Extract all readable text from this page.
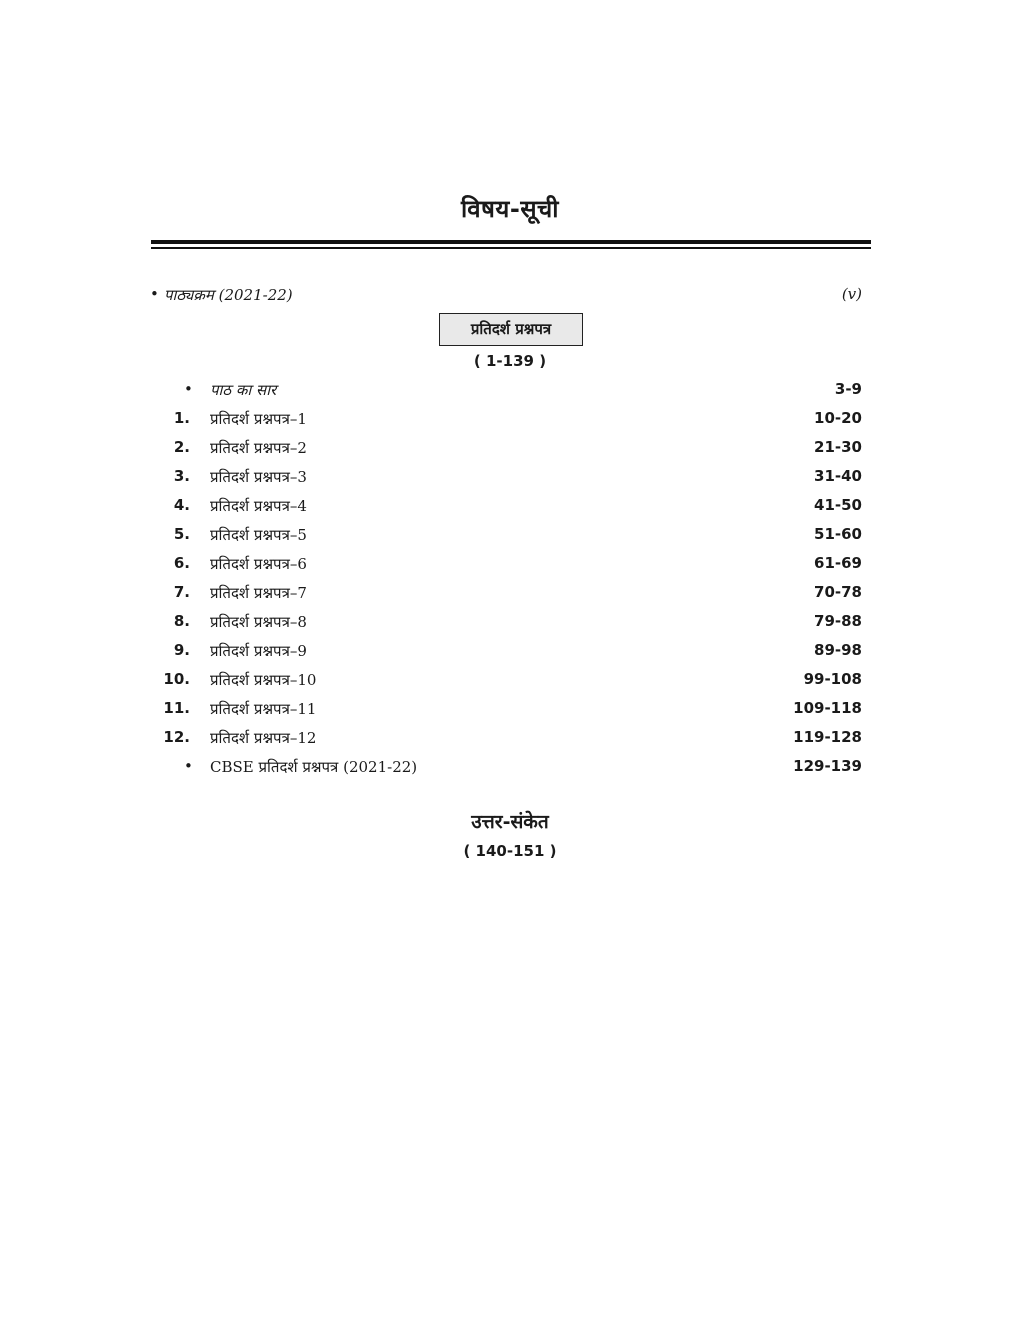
विषय-सूची
• पाठ्यक्रम (2021-22)	(v)
प्रतिदर्श प्रश्नपत्र
( 1-139 )
• पाठ का सार	3-9
1. प्रतिदर्श प्रश्नपत्र–1	10-20
2. प्रतिदर्श प्रश्नपत्र–2	21-30
3. प्रतिदर्श प्रश्नपत्र–3	31-40
4. प्रतिदर्श प्रश्नपत्र–4	41-50
5. प्रतिदर्श प्रश्नपत्र–5	51-60
6. प्रतिदर्श प्रश्नपत्र–6	61-69
7. प्रतिदर्श प्रश्नपत्र–7	70-78
8. प्रतिदर्श प्रश्नपत्र–8	79-88
9. प्रतिदर्श प्रश्नपत्र–9	89-98
10. प्रतिदर्श प्रश्नपत्र–10	99-108
11. प्रतिदर्श प्रश्नपत्र–11	109-118
12. प्रतिदर्श प्रश्नपत्र–12	119-128
• CBSE प्रतिदर्श प्रश्नपत्र (2021-22)	129-139
उत्तर-संकेत
( 140-151 )
